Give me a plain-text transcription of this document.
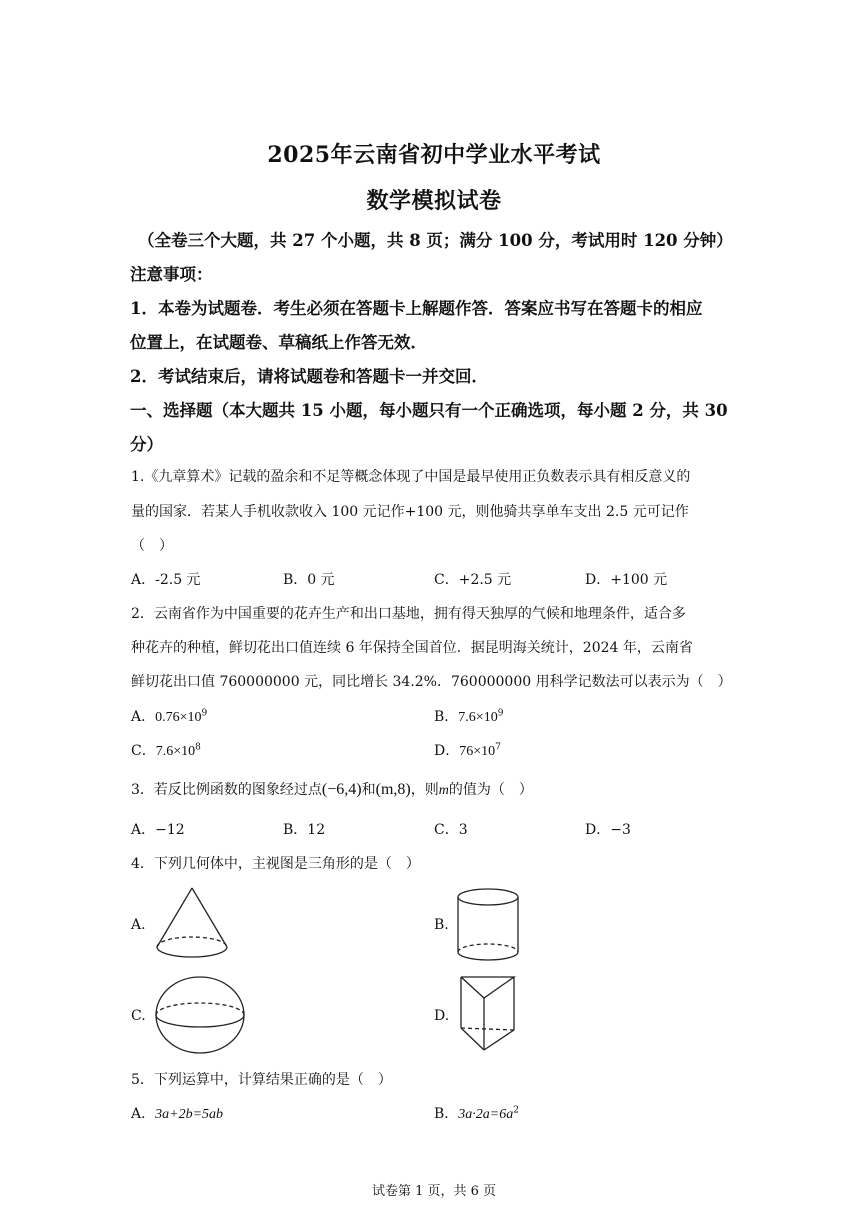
2025年云南省初中学业水平考试
数学模拟试卷
（全卷三个大题，共 27 个小题，共 8 页；满分 100 分，考试用时 120 分钟）
注意事项：
1．本卷为试题卷．考生必须在答题卡上解题作答．答案应书写在答题卡的相应
位置上，在试题卷、草稿纸上作答无效．
2．考试结束后，请将试题卷和答题卡一并交回．
一、选择题（本大题共 15 小题，每小题只有一个正确选项，每小题 2 分，共 30
分）
1.《九章算术》记载的盈余和不足等概念体现了中国是最早使用正负数表示具有相反意义的
量的国家．若某人手机收款收入 100 元记作+100 元，则他骑共享单车支出 2.5 元可记作
（　）
A．-2.5 元	B．0 元	C．+2.5 元	D．+100 元
2．云南省作为中国重要的花卉生产和出口基地，拥有得天独厚的气候和地理条件，适合多
种花卉的种植，鲜切花出口值连续 6 年保持全国首位．据昆明海关统计，2024 年，云南省
鲜切花出口值 760000000 元，同比增长 34.2%．760000000 用科学记数法可以表示为（　）
A．$0.76\times 10^9$	B．$7.6\times 10^9$
C．$7.6\times 10^8$	D．$76\times 10^7$
3．若反比例函数的图象经过点(−6,4)和(m,8)，则m的值为（　）
A．−12	B．12	C．3	D．−3
4．下列几何体中，主视图是三角形的是（　）
A.	B.
C.	D.
5．下列运算中，计算结果正确的是（　）
A．3a+2b=5ab	B．$3a\cdot 2a=6a^2$
试卷第 1 页，共 6 页
